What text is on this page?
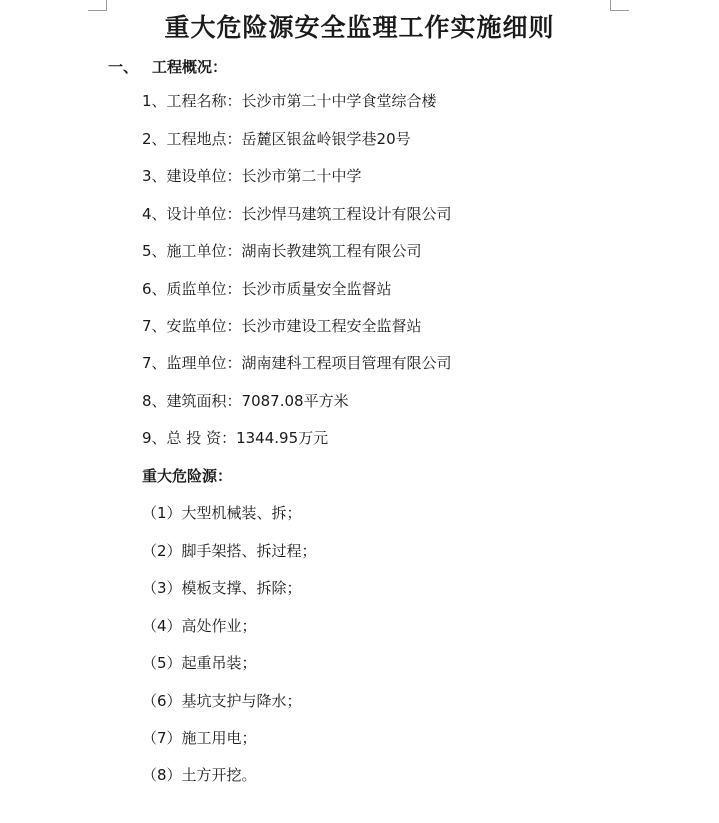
重大危险源安全监理工作实施细则
一、 工程概况：
1、工程名称：长沙市第二十中学食堂综合楼
2、工程地点：岳麓区银盆岭银学巷20号
3、建设单位：长沙市第二十中学
4、设计单位：长沙悍马建筑工程设计有限公司
5、施工单位：湖南长教建筑工程有限公司
6、质监单位：长沙市质量安全监督站
7、安监单位：长沙市建设工程安全监督站
7、监理单位：湖南建科工程项目管理有限公司
8、建筑面积：7087.08平方米
9、总 投 资：1344.95万元
重大危险源：
（1）大型机械装、拆；
（2）脚手架搭、拆过程；
（3）模板支撑、拆除；
（4）高处作业；
（5）起重吊装；
（6）基坑支护与降水；
（7）施工用电；
（8）土方开挖。
